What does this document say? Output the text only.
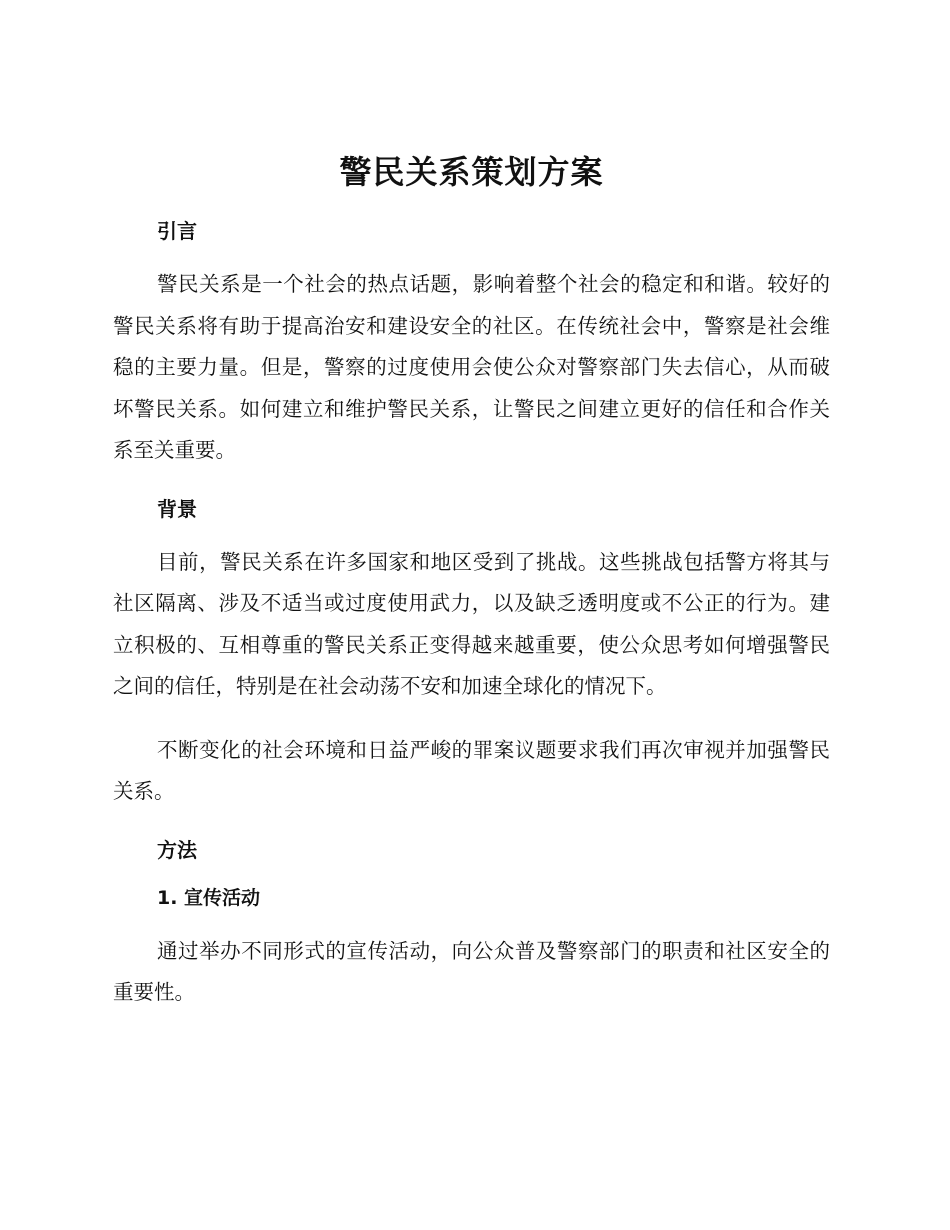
警民关系策划方案
引言

警民关系是一个社会的热点话题，影响着整个社会的稳定和和谐。较好的警民关系将有助于提高治安和建设安全的社区。在传统社会中，警察是社会维稳的主要力量。但是，警察的过度使用会使公众对警察部门失去信心，从而破坏警民关系。如何建立和维护警民关系，让警民之间建立更好的信任和合作关系至关重要。

背景

目前，警民关系在许多国家和地区受到了挑战。这些挑战包括警方将其与社区隔离、涉及不适当或过度使用武力，以及缺乏透明度或不公正的行为。建立积极的、互相尊重的警民关系正变得越来越重要，使公众思考如何增强警民之间的信任，特别是在社会动荡不安和加速全球化的情况下。

不断变化的社会环境和日益严峻的罪案议题要求我们再次审视并加强警民关系。

方法
1. 宣传活动

通过举办不同形式的宣传活动，向公众普及警察部门的职责和社区安全的重要性。
